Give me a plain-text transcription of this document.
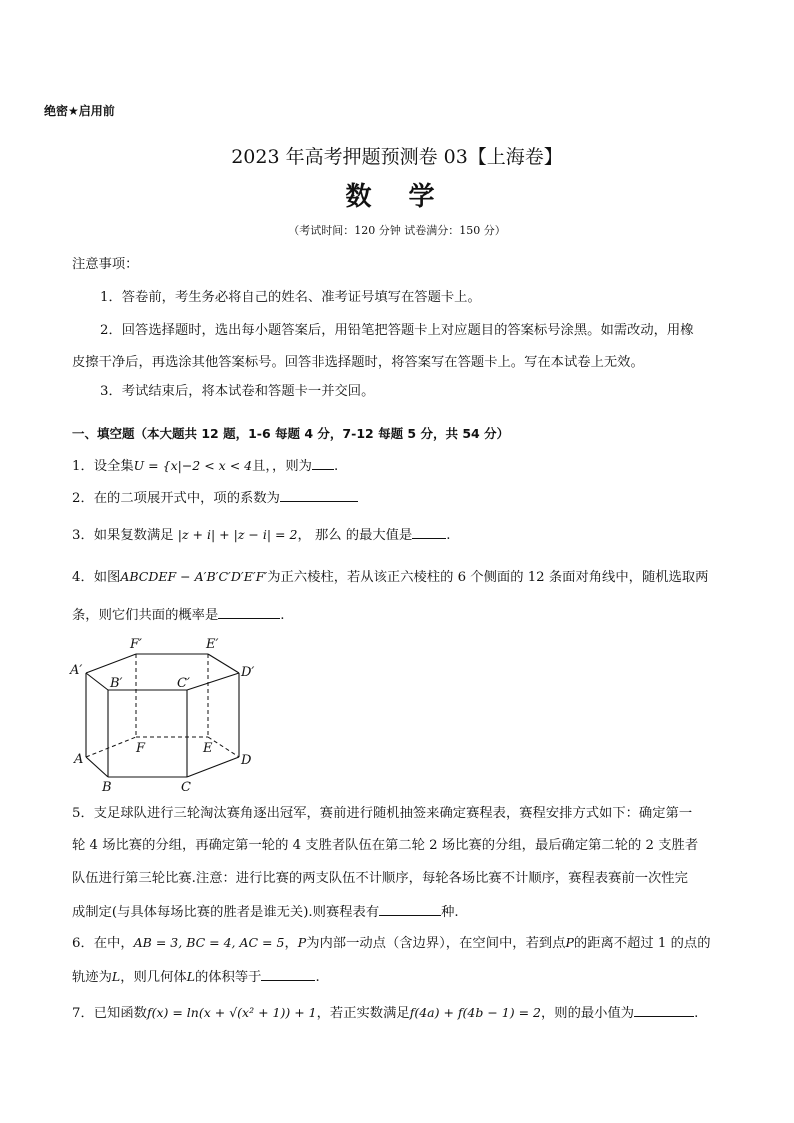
绝密★启用前
2023 年高考押题预测卷 03【上海卷】
数 学
（考试时间：120 分钟 试卷满分：150 分）
注意事项：
1．答卷前，考生务必将自己的姓名、准考证号填写在答题卡上。
2．回答选择题时，选出每小题答案后，用铅笔把答题卡上对应题目的答案标号涂黑。如需改动，用橡
皮擦干净后，再选涂其他答案标号。回答非选择题时，将答案写在答题卡上。写在本试卷上无效。
3．考试结束后，将本试卷和答题卡一并交回。
一、填空题（本大题共 12 题，1-6 每题 4 分，7-12 每题 5 分，共 54 分）
1．设全集U = {x|−2 < x < 4且，，则为 .
2．在的二项展开式中，项的系数为
3．如果复数满足 |z + i| + |z − i| = 2， 那么 的最大值是	.
4．如图ABCDEF − A′B′C′D′E′F′为正六棱柱，若从该正六棱柱的 6 个侧面的 12 条面对角线中，随机选取两
条，则它们共面的概率是	.
F′	E′
A′	D′
B′	C′
F	E
A	D
B	C
5．支足球队进行三轮淘汰赛角逐出冠军，赛前进行随机抽签来确定赛程表，赛程安排方式如下：确定第一
轮 4 场比赛的分组，再确定第一轮的 4 支胜者队伍在第二轮 2 场比赛的分组，最后确定第二轮的 2 支胜者
队伍进行第三轮比赛.注意：进行比赛的两支队伍不计顺序，每轮各场比赛不计顺序，赛程表赛前一次性完
成制定(与具体每场比赛的胜者是谁无关).则赛程表有	种.
6．在中，AB = 3, BC = 4, AC = 5，P为内部一动点（含边界），在空间中，若到点P的距离不超过 1 的点的
轨迹为L，则几何体L的体积等于	.
7．已知函数f(x) = ln(x + √(x² + 1)) + 1，若正实数满足f(4a) + f(4b − 1) = 2，则的最小值为	.
